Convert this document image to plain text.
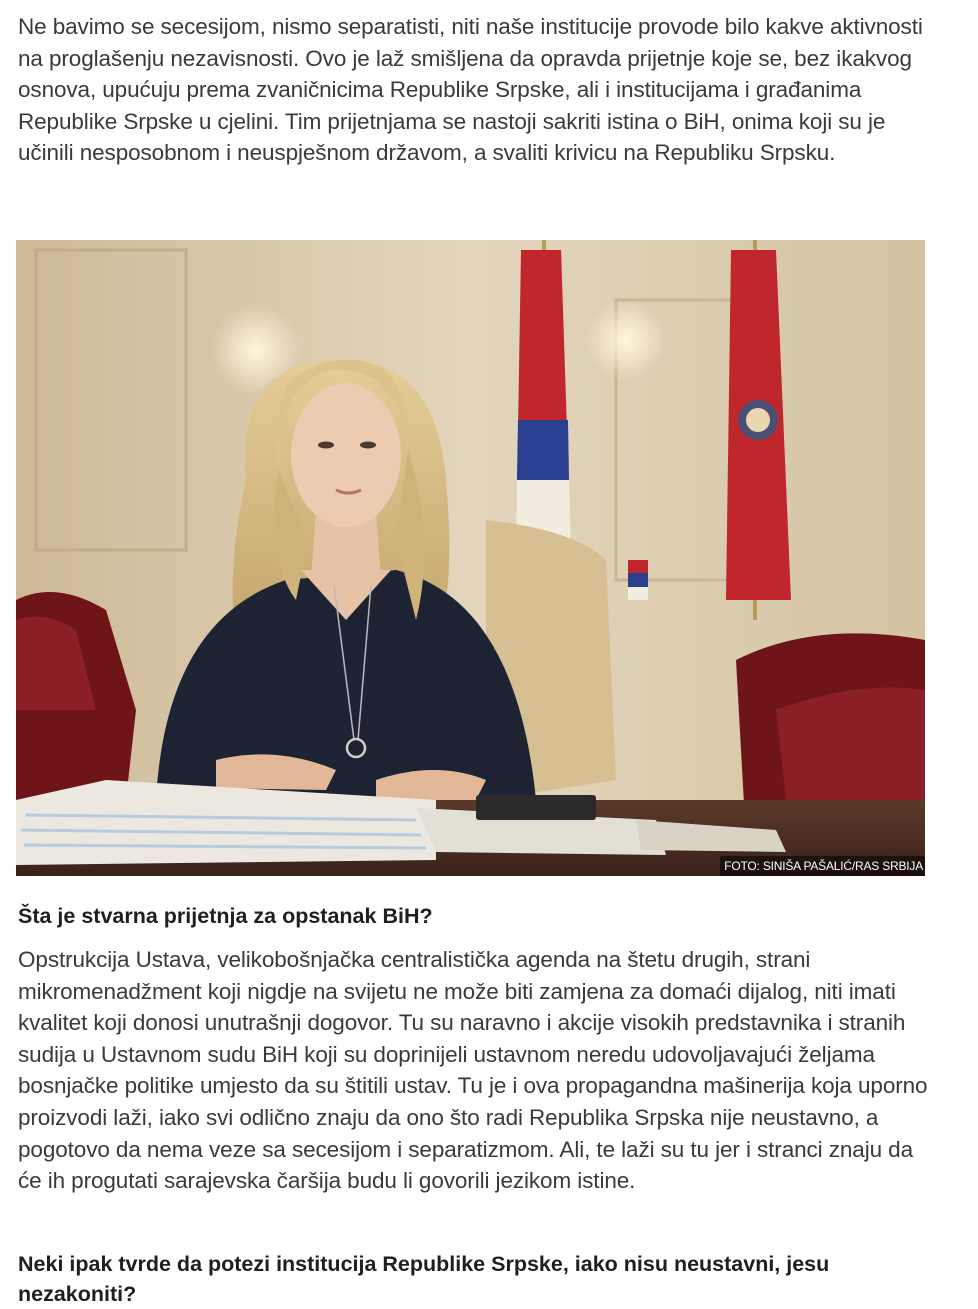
Ne bavimo se secesijom, nismo separatisti, niti naše institucije provode bilo kakve aktivnosti na proglašenju nezavisnosti. Ovo je laž smišljena da opravda prijetnje koje se, bez ikakvog osnova, upućuju prema zvaničnicima Republike Srpske, ali i institucijama i građanima Republike Srpske u cjelini. Tim prijetnjama se nastoji sakriti istina o BiH, onima koji su je učinili nesposobnom i neuspješnom državom, a svaliti krivicu na Republiku Srpsku.

Šta je stvarna prijetnja za opstanak BiH?

Opstrukcija Ustava, velikobošnjačka centralistička agenda na štetu drugih, strani mikromenadžment koji nigdje na svijetu ne može biti zamjena za domaći dijalog, niti imati kvalitet koji donosi unutrašnji dogovor. Tu su naravno i akcije visokih predstavnika i stranih sudija u Ustavnom sudu BiH koji su doprinijeli ustavnom neredu udovoljavajući željama bosnjačke politike umjesto da su štitili ustav. Tu je i ova propagandna mašinerija koja uporno proizvodi laži, iako svi odlično znaju da ono što radi Republika Srpska nije neustavno, a pogotovo da nema veze sa secesijom i separatizmom. Ali, te laži su tu jer i stranci znaju da će ih progutati sarajevska čaršija budu li govorili jezikom istine.

Neki ipak tvrde da potezi institucija Republike Srpske, iako nisu neustavni, jesu nezakoniti?
FOTO: SINIŠA PAŠALIĆ/RAS SRBIJA
